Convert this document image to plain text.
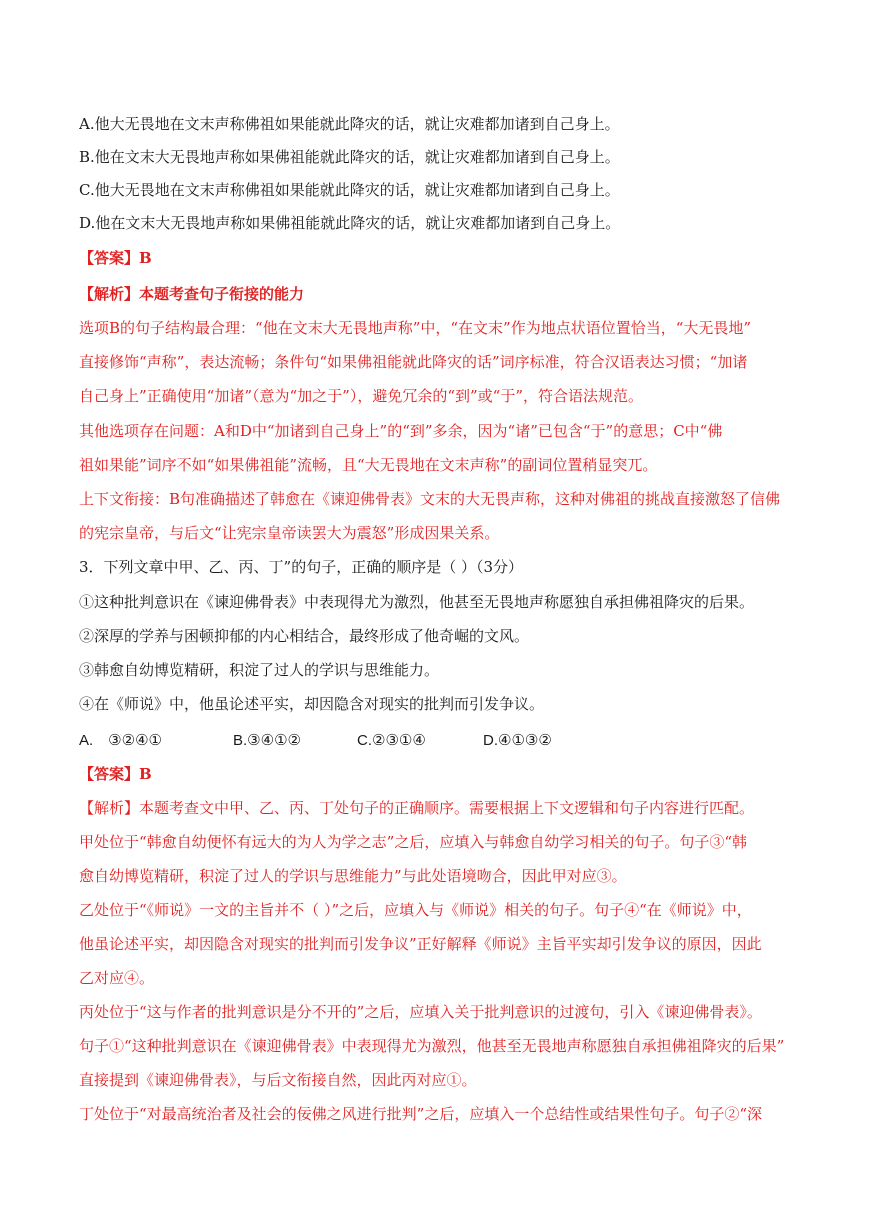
A.他大无畏地在文末声称佛祖如果能就此降灾的话，就让灾难都加诸到自己身上。
B.他在文末大无畏地声称如果佛祖能就此降灾的话，就让灾难都加诸到自己身上。
C.他大无畏地在文末声称佛祖如果能就此降灾的话，就让灾难都加诸到自己身上。
D.他在文末大无畏地声称如果佛祖能就此降灾的话，就让灾难都加诸到自己身上。
【答案】B
【解析】本题考查句子衔接的能力
选项B的句子结构最合理：“他在文末大无畏地声称”中，“在文末”作为地点状语位置恰当，“大无畏地”
直接修饰“声称”，表达流畅；条件句“如果佛祖能就此降灾的话”词序标准，符合汉语表达习惯；“加诸
自己身上”正确使用“加诸”（意为“加之于”），避免冗余的“到”或“于”，符合语法规范。
其他选项存在问题：A和D中“加诸到自己身上”的“到”多余，因为“诸”已包含“于”的意思；C中“佛
祖如果能”词序不如“如果佛祖能”流畅，且“大无畏地在文末声称”的副词位置稍显突兀。
上下文衔接：B句准确描述了韩愈在《谏迎佛骨表》文末的大无畏声称，这种对佛祖的挑战直接激怒了信佛
的宪宗皇帝，与后文“让宪宗皇帝读罢大为震怒”形成因果关系。
3．下列文章中甲、乙、丙、丁”的句子，正确的顺序是（ ）（3分）
①这种批判意识在《谏迎佛骨表》中表现得尤为激烈，他甚至无畏地声称愿独自承担佛祖降灾的后果。
②深厚的学养与困顿抑郁的内心相结合，最终形成了他奇崛的文风。
③韩愈自幼博览精研，积淀了过人的学识与思维能力。
④在《师说》中，他虽论述平实，却因隐含对现实的批判而引发争议。
A.　③②④①	B.③④①②	C.②③①④	D.④①③②
【答案】B
【解析】本题考查文中甲、乙、丙、丁处句子的正确顺序。需要根据上下文逻辑和句子内容进行匹配。
甲处位于“韩愈自幼便怀有远大的为人为学之志”之后，应填入与韩愈自幼学习相关的句子。句子③“韩
愈自幼博览精研，积淀了过人的学识与思维能力”与此处语境吻合，因此甲对应③。
乙处位于“《师说》一文的主旨并不（ ）”之后，应填入与《师说》相关的句子。句子④“在《师说》中，
他虽论述平实，却因隐含对现实的批判而引发争议”正好解释《师说》主旨平实却引发争议的原因，因此
乙对应④。
丙处位于“这与作者的批判意识是分不开的”之后，应填入关于批判意识的过渡句，引入《谏迎佛骨表》。
句子①“这种批判意识在《谏迎佛骨表》中表现得尤为激烈，他甚至无畏地声称愿独自承担佛祖降灾的后果”
直接提到《谏迎佛骨表》，与后文衔接自然，因此丙对应①。
丁处位于“对最高统治者及社会的佞佛之风进行批判”之后，应填入一个总结性或结果性句子。句子②“深
